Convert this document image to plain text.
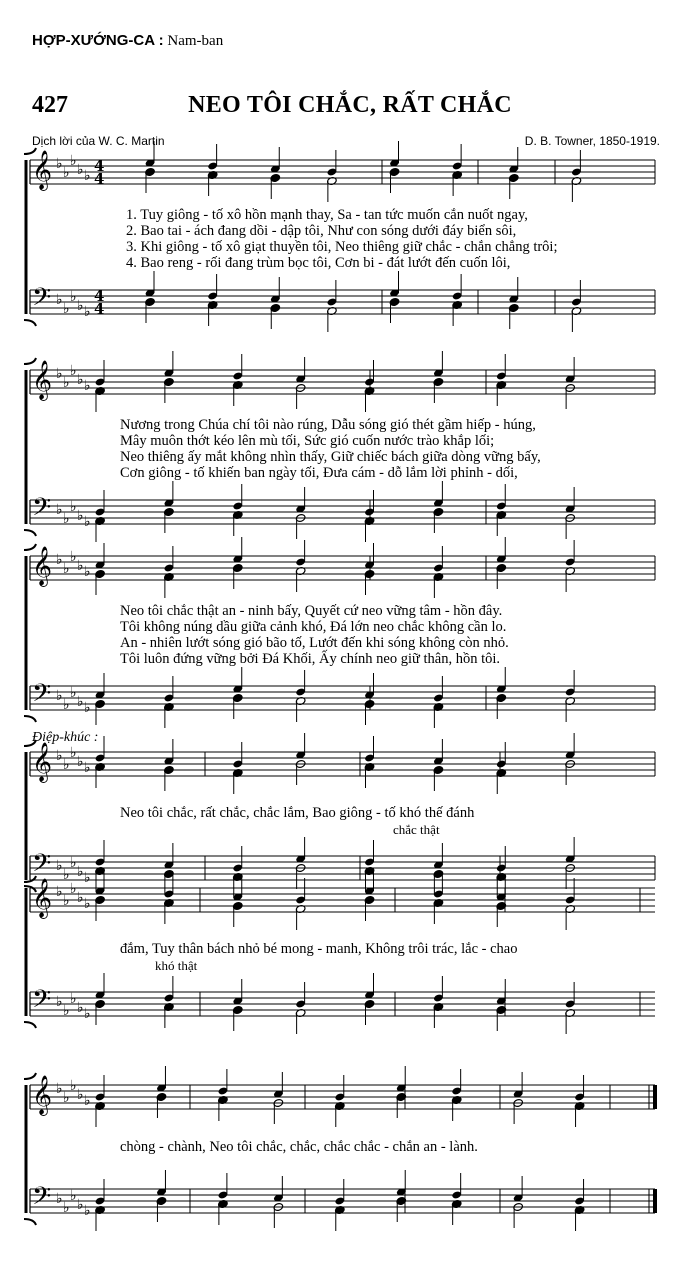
HỢP-XƯỚNG-CA : Nam-ban
427	NEO TÔI CHẮC, RẤT CHẮC
Dịch lời của W. C. Martin	D. B. Towner, 1850-1919.
𝄞 ♭
♭
♭
♭ ♭
4
4
𝄢 ♭
♭
♭
♭ ♭
4
4
𝄞 ♭
♭
♭
♭ ♭
𝄢 ♭
♭
♭
♭ ♭
𝄞 ♭
♭
♭
♭ ♭
𝄢 ♭
♭
♭
♭ ♭
𝄞 ♭
♭
♭
♭ ♭
𝄢 ♭
♭
♭
♭ ♭
𝄞 ♭
♭
♭
♭ ♭
𝄢 ♭
♭
♭
♭ ♭
𝄞 ♭
♭
♭
♭ ♭
𝄢 ♭
♭
♭
♭ ♭
1. Tuy giông - tố xô hồn mạnh thay, Sa - tan tức muốn cắn nuốt ngay,
2. Bao tai - ách đang dồi - dập tôi, Như con sóng dưới đáy biển sôi,
3. Khi giông - tố xô giạt thuyền tôi, Neo thiêng giữ chắc - chắn chẳng trôi;
4. Bao reng - rối đang trùm bọc tôi, Cơn bi - đát lướt đến cuốn lôi,
Nương trong Chúa chí tôi nào rúng, Dẫu sóng gió thét gầm hiếp - húng,
Mây muôn thớt kéo lên mù tối, Sức gió cuốn nước trào khắp lối;
Neo thiêng ấy mắt không nhìn thấy, Giữ chiếc bách giữa dòng vững bấy,
Cơn giông - tố khiến ban ngày tối, Đưa cám - dỗ lắm lời phỉnh - dối,
Neo tôi chắc thật an - ninh bấy, Quyết cứ neo vững tâm - hồn đây.
Tôi không núng dầu giữa cảnh khó, Đá lớn neo chắc không cần lo.
An - nhiên lướt sóng gió bão tố, Lướt đến khi sóng không còn nhỏ.
Tôi luôn đứng vững bởi Đá Khối, Ấy chính neo giữ thân, hồn tôi.
Neo tôi chắc, rất chắc, chắc lắm, Bao giông - tố khó thế đánh
chắc thật
Điệp-khúc :
đắm, Tuy thân bách nhỏ bé mong - manh, Không trôi trác, lắc - chao
khó thật
chòng - chành, Neo tôi chắc, chắc, chắc chắc - chắn an - lành.
